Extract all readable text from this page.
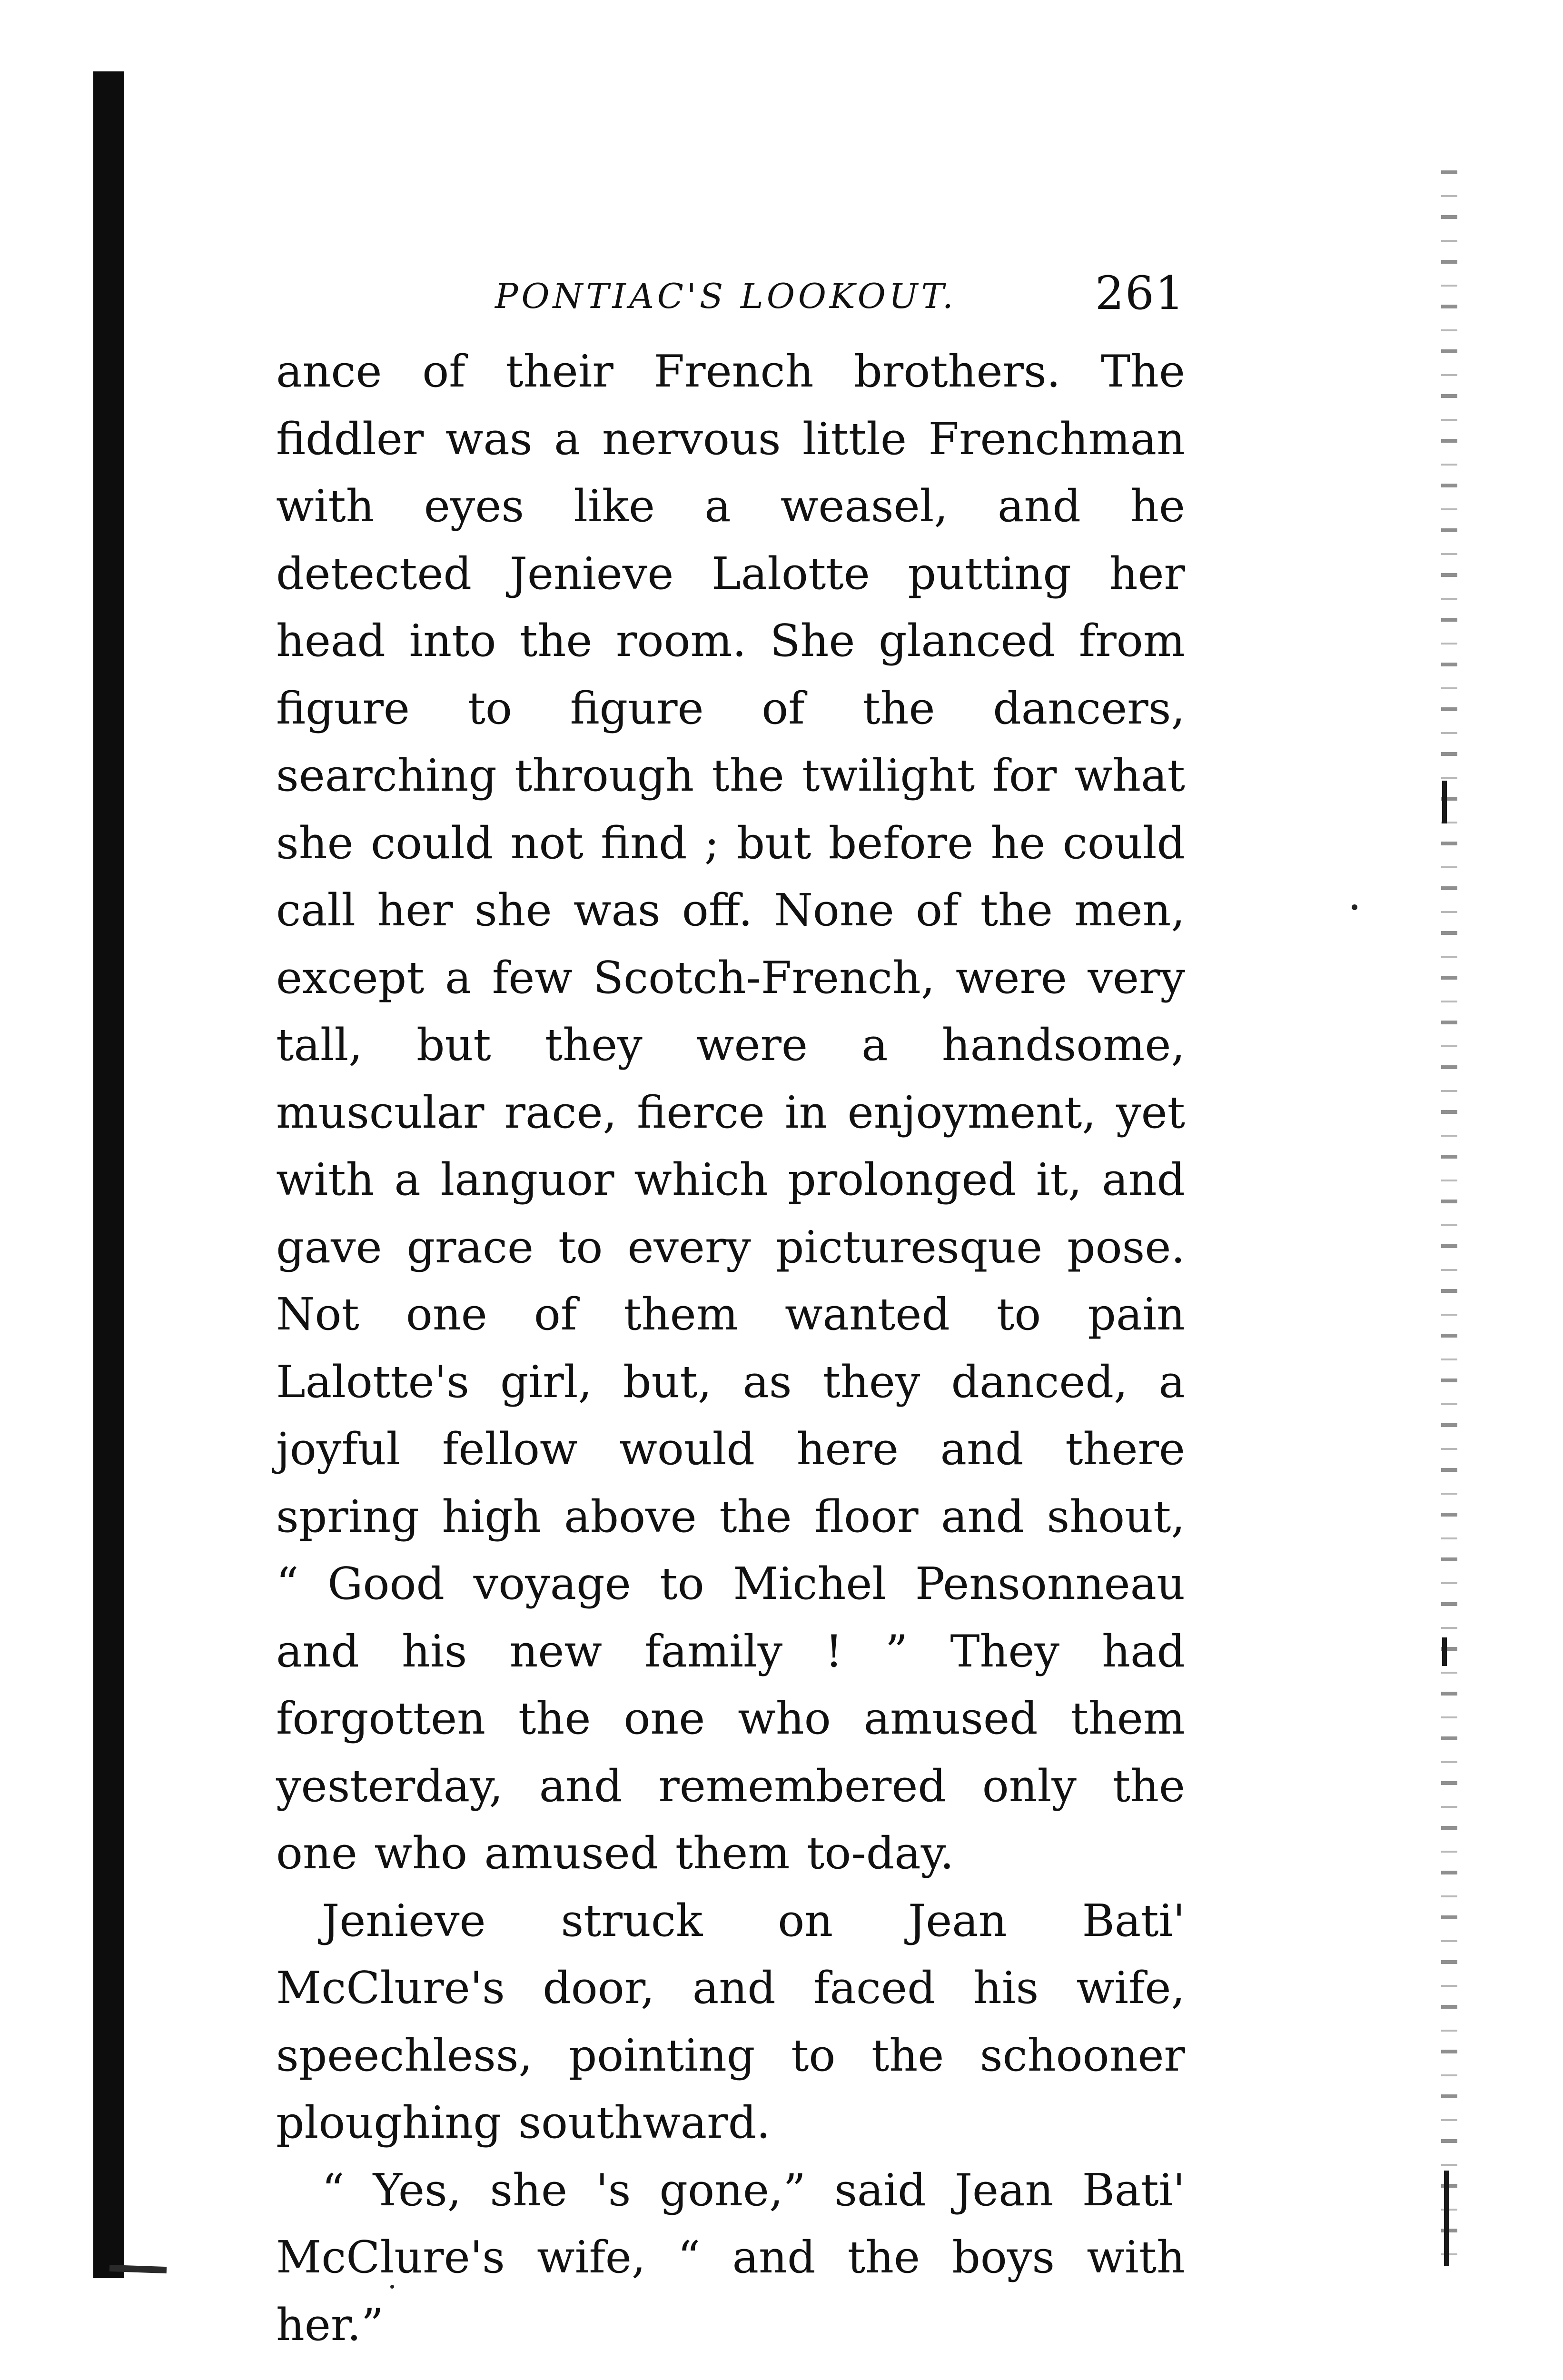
PONTIAC'S LOOKOUT.	261

ance of their French brothers. The fiddler was a nervous little Frenchman with eyes like a weasel, and he detected Jenieve Lalotte putting her head into the room. She glanced from figure to figure of the dancers, searching through the twilight for what she could not find ; but before he could call her she was off. None of the men, except a few Scotch-French, were very tall, but they were a handsome, muscular race, fierce in enjoyment, yet with a languor which prolonged it, and gave grace to every picturesque pose. Not one of them wanted to pain Lalotte's girl, but, as they danced, a joyful fellow would here and there spring high above the floor and shout, “ Good voyage to Michel Pensonneau and his new family ! ” They had forgotten the one who amused them yesterday, and remembered only the one who amused them to-day.

Jenieve struck on Jean Bati' McClure's door, and faced his wife, speechless, pointing to the schooner ploughing southward.

“ Yes, she 's gone,” said Jean Bati' McClure's wife, “ and the boys with her.”
